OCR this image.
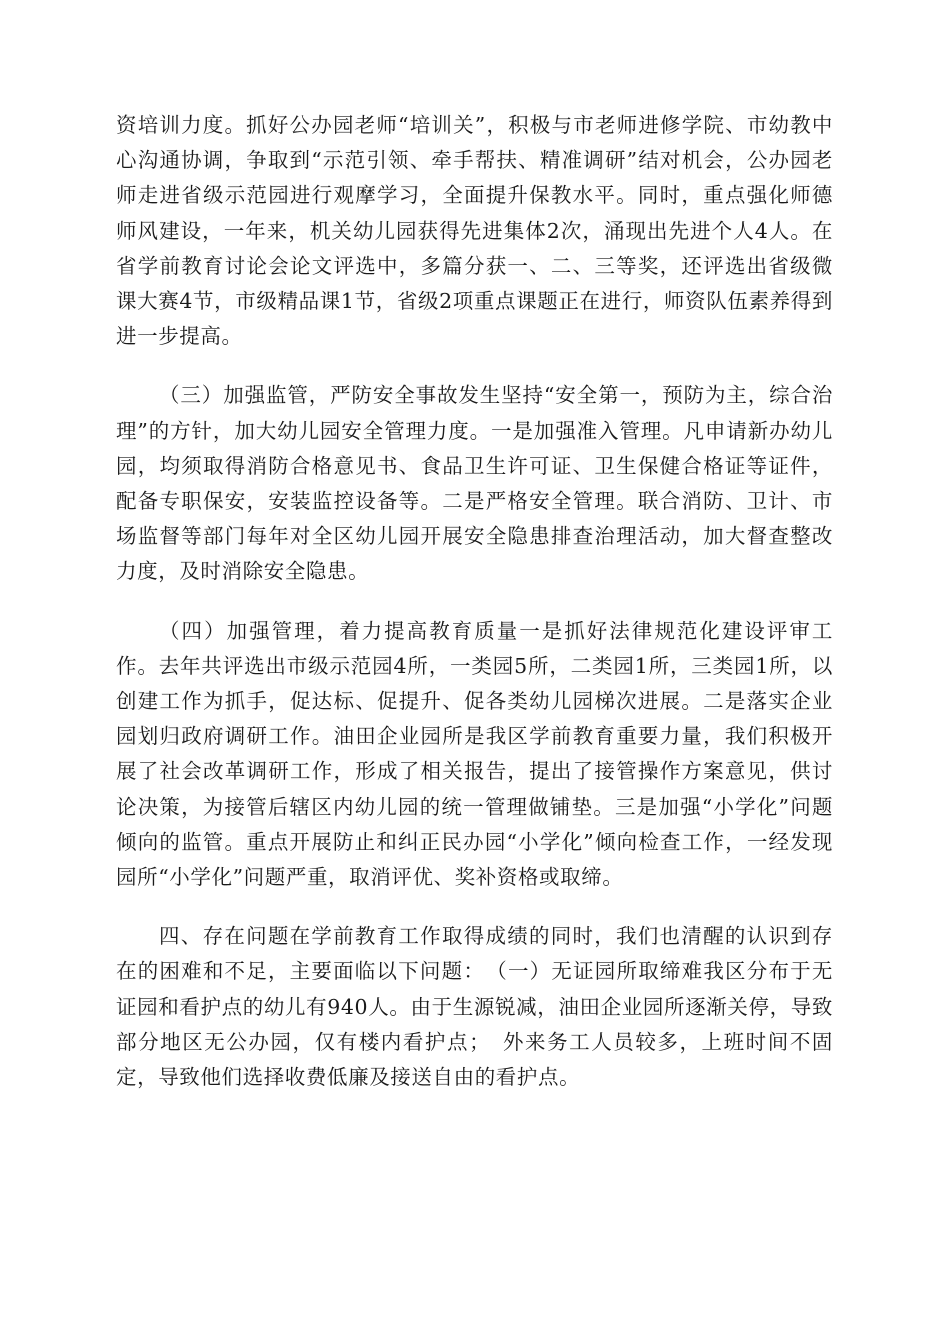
资培训力度。抓好公办园老师“培训关”，积极与市老师进修学院、市幼教中心沟通协调，争取到“示范引领、牵手帮扶、精准调研”结对机会，公办园老师走进省级示范园进行观摩学习，全面提升保教水平。同时，重点强化师德师风建设，一年来，机关幼儿园获得先进集体2次，涌现出先进个人4人。在省学前教育讨论会论文评选中，多篇分获一、二、三等奖，还评选出省级微课大赛4节，市级精品课1节，省级2项重点课题正在进行，师资队伍素养得到进一步提高。

（三）加强监管，严防安全事故发生坚持“安全第一，预防为主，综合治理”的方针，加大幼儿园安全管理力度。一是加强准入管理。凡申请新办幼儿园，均须取得消防合格意见书、食品卫生许可证、卫生保健合格证等证件，配备专职保安，安装监控设备等。二是严格安全管理。联合消防、卫计、市场监督等部门每年对全区幼儿园开展安全隐患排查治理活动，加大督查整改力度，及时消除安全隐患。

（四）加强管理，着力提高教育质量一是抓好法律规范化建设评审工作。去年共评选出市级示范园4所，一类园5所，二类园1所，三类园1所，以创建工作为抓手，促达标、促提升、促各类幼儿园梯次进展。二是落实企业园划归政府调研工作。油田企业园所是我区学前教育重要力量，我们积极开展了社会改革调研工作，形成了相关报告，提出了接管操作方案意见，供讨论决策，为接管后辖区内幼儿园的统一管理做铺垫。三是加强“小学化”问题倾向的监管。重点开展防止和纠正民办园“小学化”倾向检查工作，一经发现园所“小学化”问题严重，取消评优、奖补资格或取缔。

四、存在问题在学前教育工作取得成绩的同时，我们也清醒的认识到存在的困难和不足，主要面临以下问题：　（一）无证园所取缔难我区分布于无证园和看护点的幼儿有940人。由于生源锐减，油田企业园所逐渐关停，导致部分地区无公办园，仅有楼内看护点；　外来务工人员较多，上班时间不固定，导致他们选择收费低廉及接送自由的看护点。
